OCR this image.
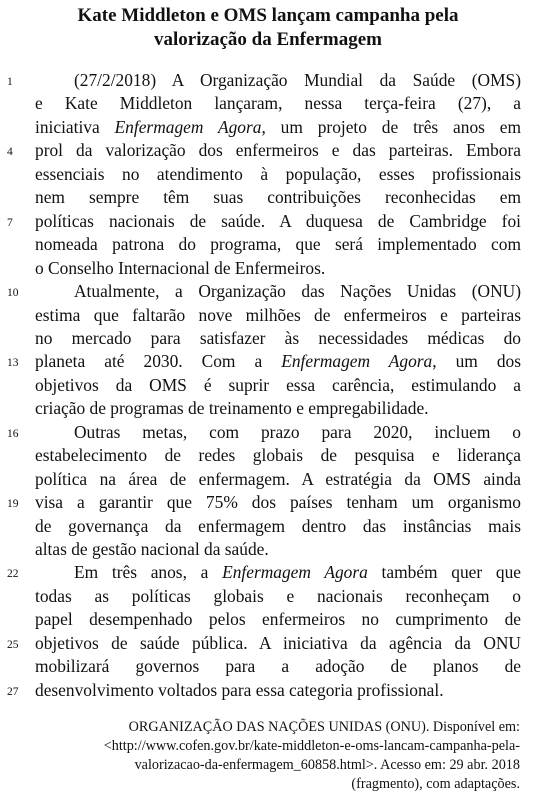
Kate Middleton e OMS lançam campanha pela
valorização da Enfermagem
(27/2/2018) A Organização Mundial da Saúde (OMS)
e Kate Middleton lançaram, nessa terça-feira (27), a
iniciativa Enfermagem Agora, um projeto de três anos em
prol da valorização dos enfermeiros e das parteiras. Embora
essenciais no atendimento à população, esses profissionais
nem sempre têm suas contribuições reconhecidas em
políticas nacionais de saúde. A duquesa de Cambridge foi
nomeada patrona do programa, que será implementado com
o Conselho Internacional de Enfermeiros.
Atualmente, a Organização das Nações Unidas (ONU)
estima que faltarão nove milhões de enfermeiros e parteiras
no mercado para satisfazer às necessidades médicas do
planeta até 2030. Com a Enfermagem Agora, um dos
objetivos da OMS é suprir essa carência, estimulando a
criação de programas de treinamento e empregabilidade.
Outras metas, com prazo para 2020, incluem o
estabelecimento de redes globais de pesquisa e liderança
política na área de enfermagem. A estratégia da OMS ainda
visa a garantir que 75% dos países tenham um organismo
de governança da enfermagem dentro das instâncias mais
altas de gestão nacional da saúde.
Em três anos, a Enfermagem Agora também quer que
todas as políticas globais e nacionais reconheçam o
papel desempenhado pelos enfermeiros no cumprimento de
objetivos de saúde pública. A iniciativa da agência da ONU
mobilizará governos para a adoção de planos de
desenvolvimento voltados para essa categoria profissional.
1
4
7
10
13
16
19
22
25
27
ORGANIZAÇÃO DAS NAÇÕES UNIDAS (ONU). Disponível em:
<http://www.cofen.gov.br/kate-middleton-e-oms-lancam-campanha-pela-
valorizacao-da-enfermagem_60858.html>. Acesso em: 29 abr. 2018
(fragmento), com adaptações.
